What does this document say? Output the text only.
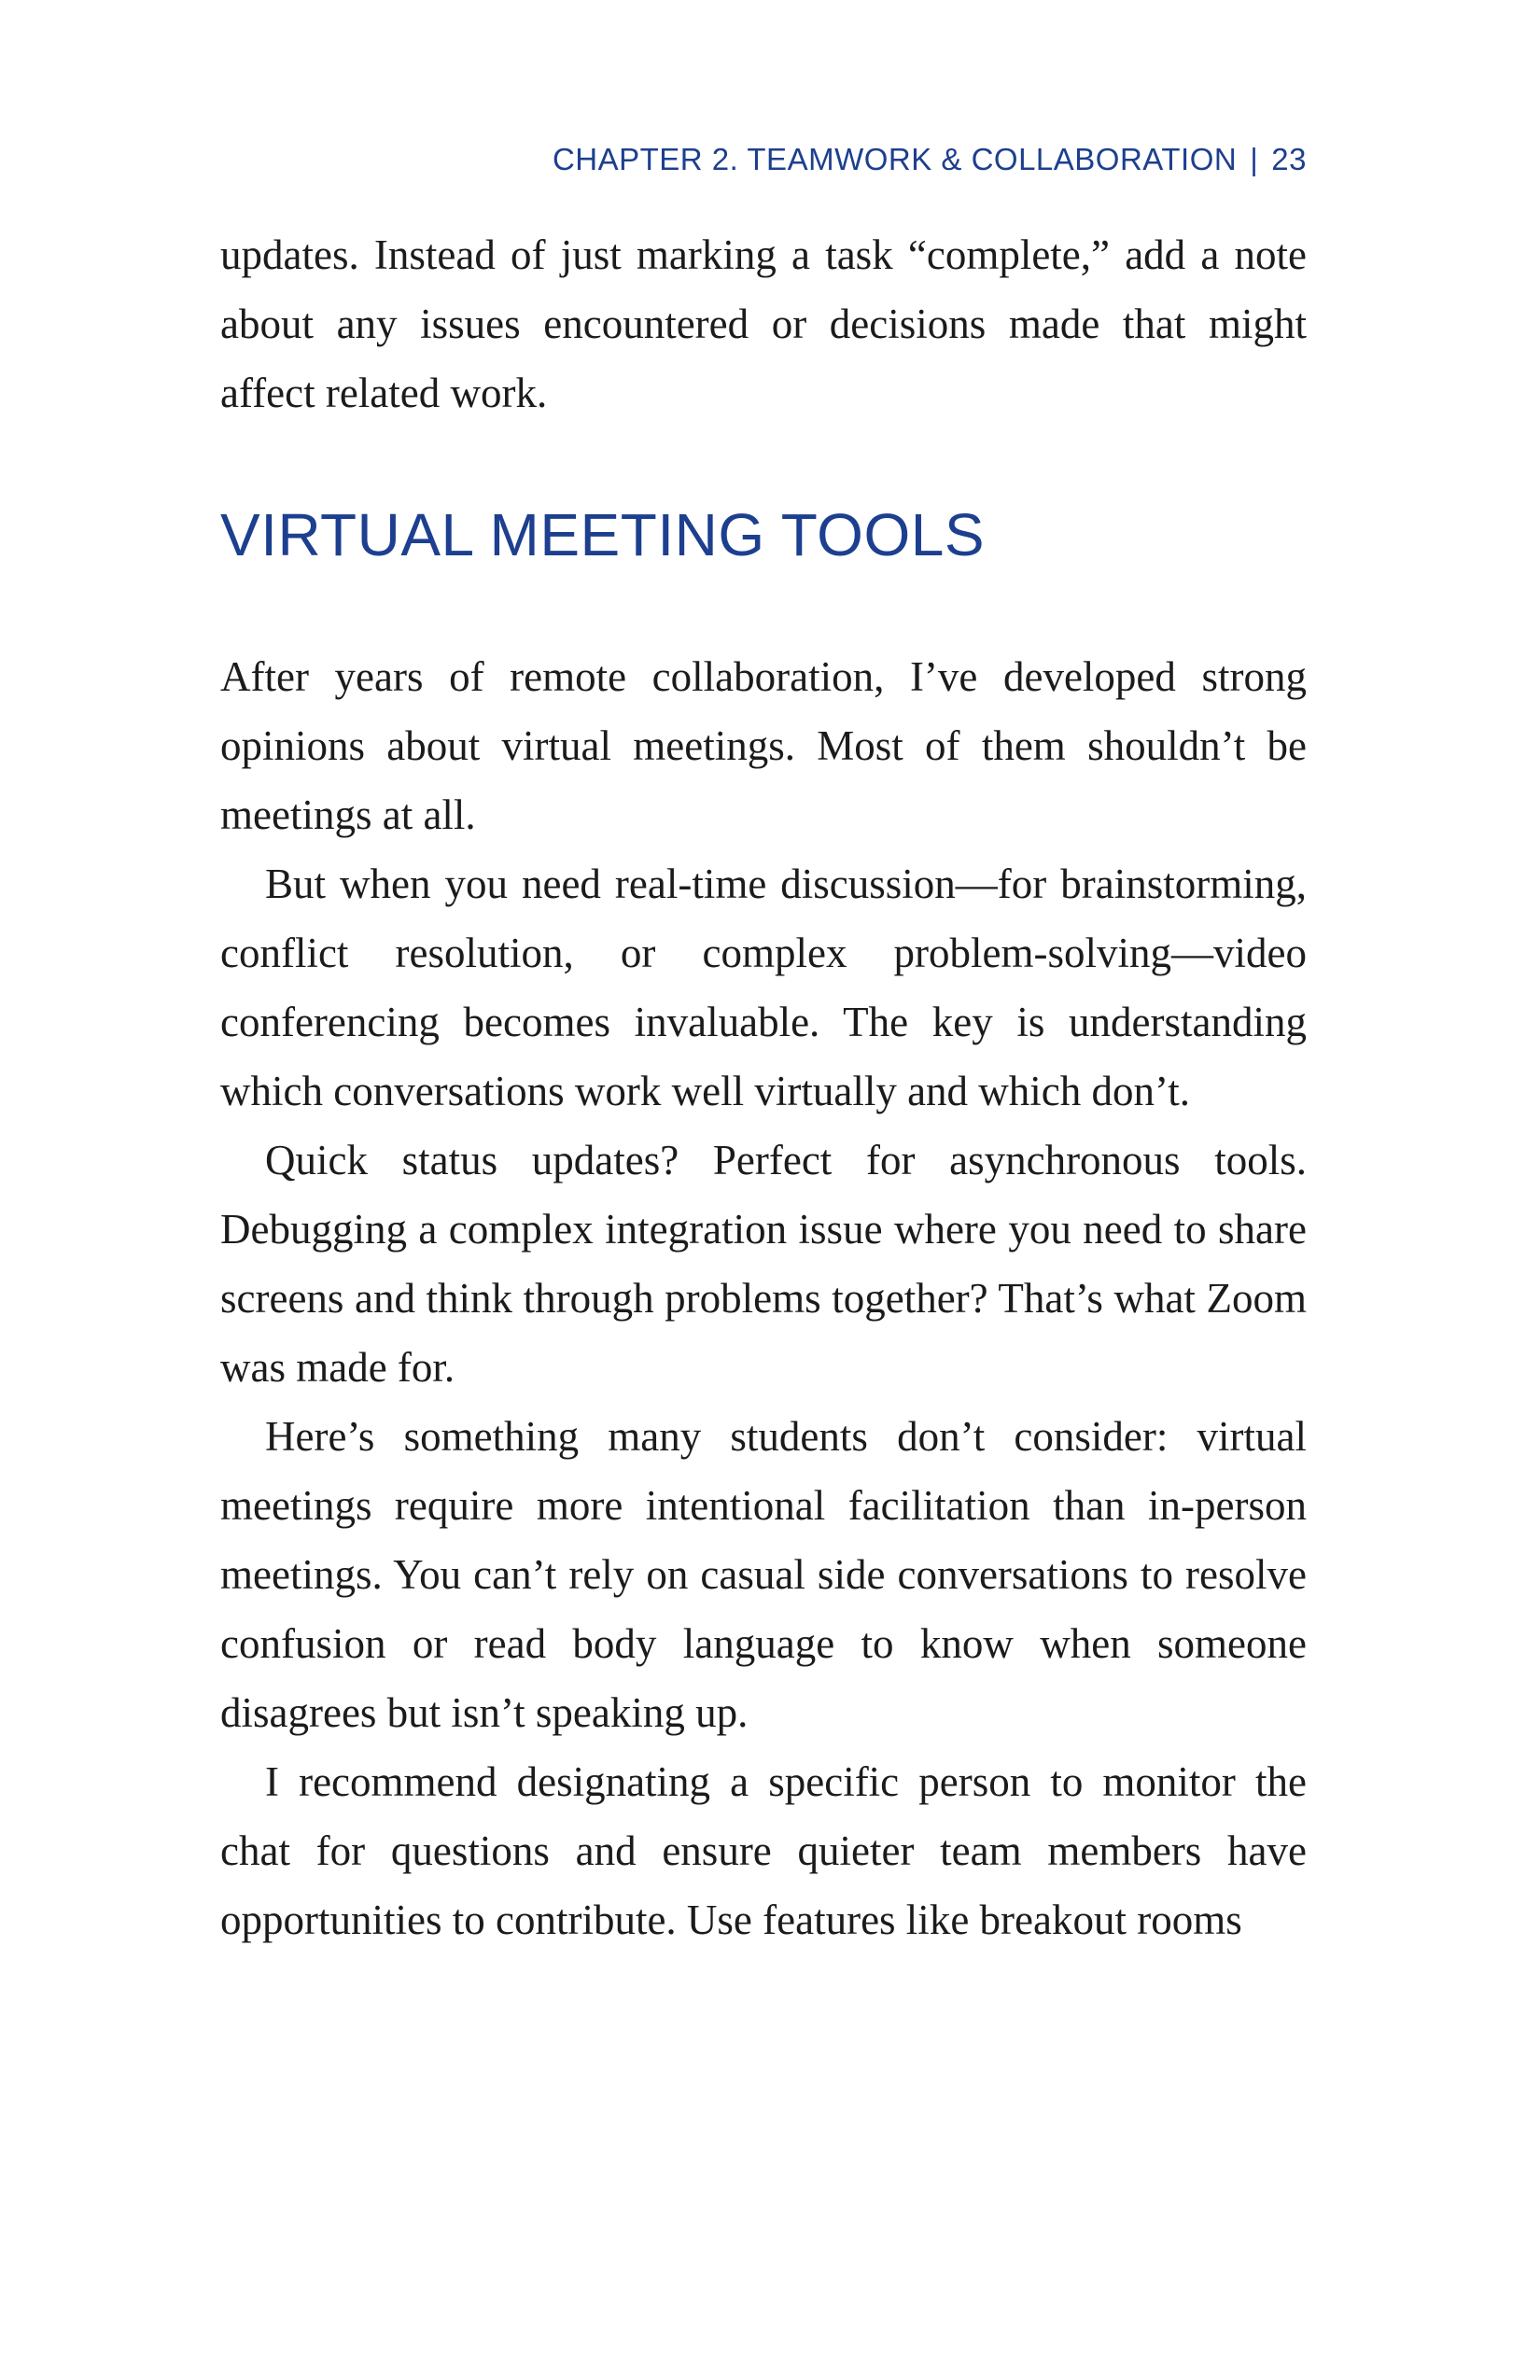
CHAPTER 2. TEAMWORK & COLLABORATION | 23

updates. Instead of just marking a task “complete,” add a note about any issues encountered or decisions made that might affect related work.

VIRTUAL MEETING TOOLS

After years of remote collaboration, I’ve developed strong opinions about virtual meetings. Most of them shouldn’t be meetings at all.

But when you need real-time discussion—for brainstorming, conflict resolution, or complex problem-solving—video conferencing becomes invaluable. The key is understanding which conversations work well virtually and which don’t.

Quick status updates? Perfect for asynchronous tools. Debugging a complex integration issue where you need to share screens and think through problems together? That’s what Zoom was made for.

Here’s something many students don’t consider: virtual meetings require more intentional facilitation than in-person meetings. You can’t rely on casual side conversations to resolve confusion or read body language to know when someone disagrees but isn’t speaking up.

I recommend designating a specific person to monitor the chat for questions and ensure quieter team members have opportunities to contribute. Use features like breakout rooms
